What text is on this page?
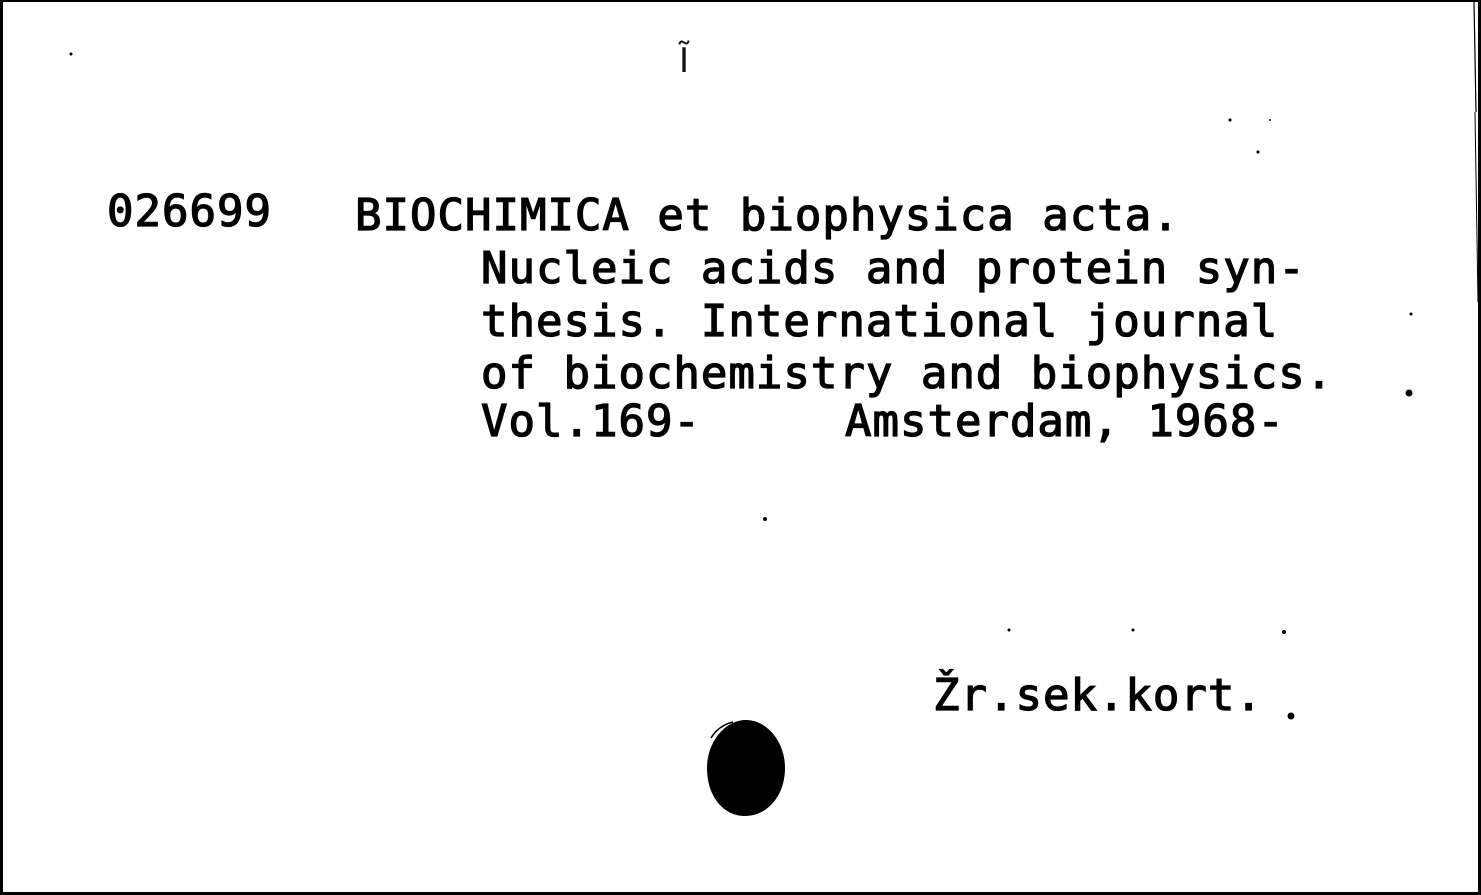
Ĩ
026699 BIOCHIMICA et biophysica acta.
Nucleic acids and protein syn-
thesis. International journal
of biochemistry and biophysics.
Vol.169-	Amsterdam, 1968-
Žr.sek.kort.
